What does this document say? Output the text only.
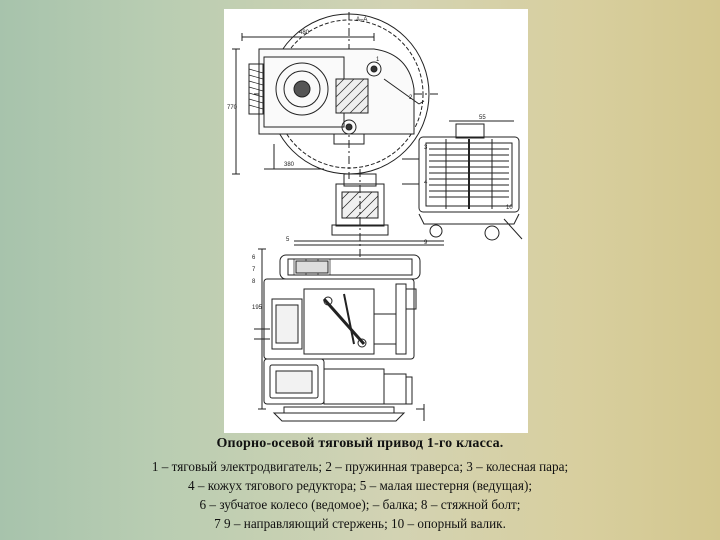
А–А
480
770
380
195
55
1
2
3
4
5
6
7
8
9
10
Опорно-осевой тяговый привод 1-го класса.
1 – тяговый электродвигатель; 2 – пружинная траверса; 3 – колесная пара;
4 – кожух тягового редуктора; 5 – малая шестерня (ведущая);
6 – зубчатое колесо (ведомое); – балка; 8 – стяжной болт;
7 9 – направляющий стержень; 10 – опорный валик.
